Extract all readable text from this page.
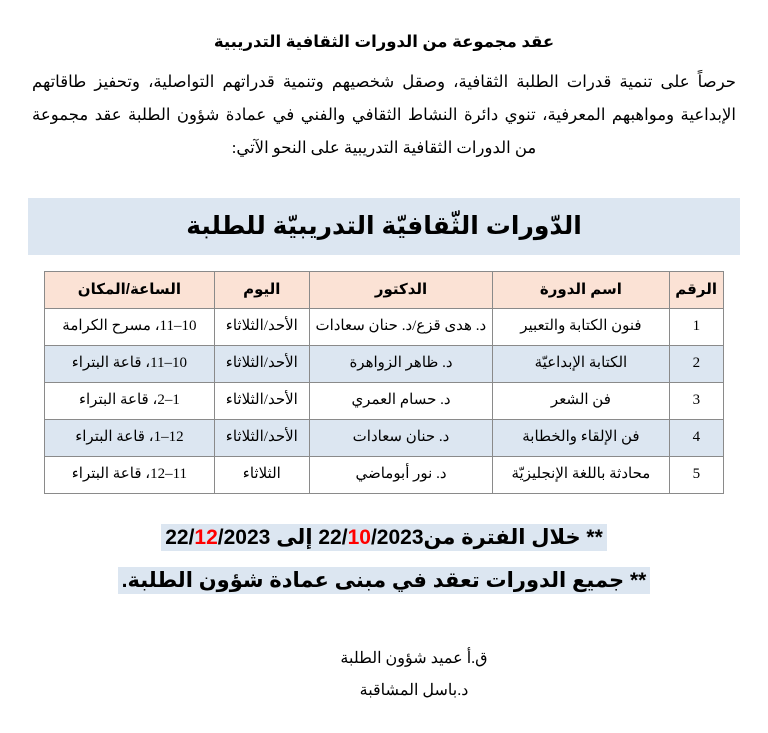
عقد مجموعة من الدورات الثقافية التدريبية
حرصاً على تنمية قدرات الطلبة الثقافية، وصقل شخصيهم وتنمية قدراتهم التواصلية، وتحفيز طاقاتهم
الإبداعية ومواهبهم المعرفية، تنوي دائرة النشاط الثقافي والفني في عمادة شؤون الطلبة عقد مجموعة
من الدورات الثقافية التدريبية على النحو الآتي:
الدّورات الثّقافيّة التدريبيّة للطلبة
الرقم	اسم الدورة	الدكتور	اليوم	الساعة/المكان
1	فنون الكتابة والتعبير	د. هدى قزع/د. حنان سعادات	الأحد/الثلاثاء	10–11، مسرح الكرامة
2	الكتابة الإبداعيّة	د. ظاهر الزواهرة	الأحد/الثلاثاء	10–11، قاعة البتراء
3	فن الشعر	د. حسام العمري	الأحد/الثلاثاء	1–2، قاعة البتراء
4	فن الإلقاء والخطابة	د. حنان سعادات	الأحد/الثلاثاء	12–1، قاعة البتراء
5	محادثة باللغة الإنجليزيّة	د. نور أبوماضي	الثلاثاء	11–12، قاعة البتراء
** خلال الفترة من22/10/2023 إلى 22/12/2023
** جميع الدورات تعقد في مبنى عمادة شؤون الطلبة.
ق.أ عميد شؤون الطلبة
د.باسل المشاقبة
